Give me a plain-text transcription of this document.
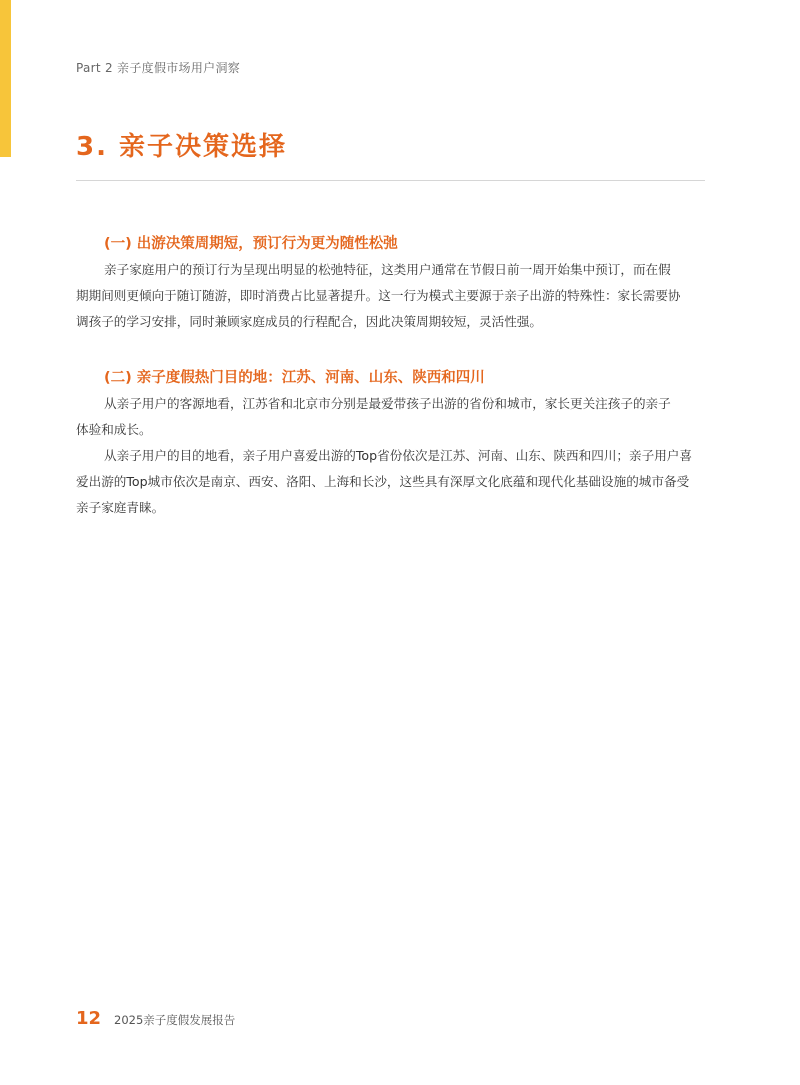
Part 2 亲子度假市场用户洞察
3. 亲子决策选择
(一) 出游决策周期短，预订行为更为随性松弛

亲子家庭用户的预订行为呈现出明显的松弛特征，这类用户通常在节假日前一周开始集中预订，而在假
期期间则更倾向于随订随游，即时消费占比显著提升。这一行为模式主要源于亲子出游的特殊性：家长需要协
调孩子的学习安排，同时兼顾家庭成员的行程配合，因此决策周期较短，灵活性强。

(二) 亲子度假热门目的地：江苏、河南、山东、陕西和四川

从亲子用户的客源地看，江苏省和北京市分别是最爱带孩子出游的省份和城市，家长更关注孩子的亲子
体验和成长。

从亲子用户的目的地看，亲子用户喜爱出游的Top省份依次是江苏、河南、山东、陕西和四川；亲子用户喜
爱出游的Top城市依次是南京、西安、洛阳、上海和长沙，这些具有深厚文化底蕴和现代化基础设施的城市备受
亲子家庭青睐。

12 2025亲子度假发展报告
